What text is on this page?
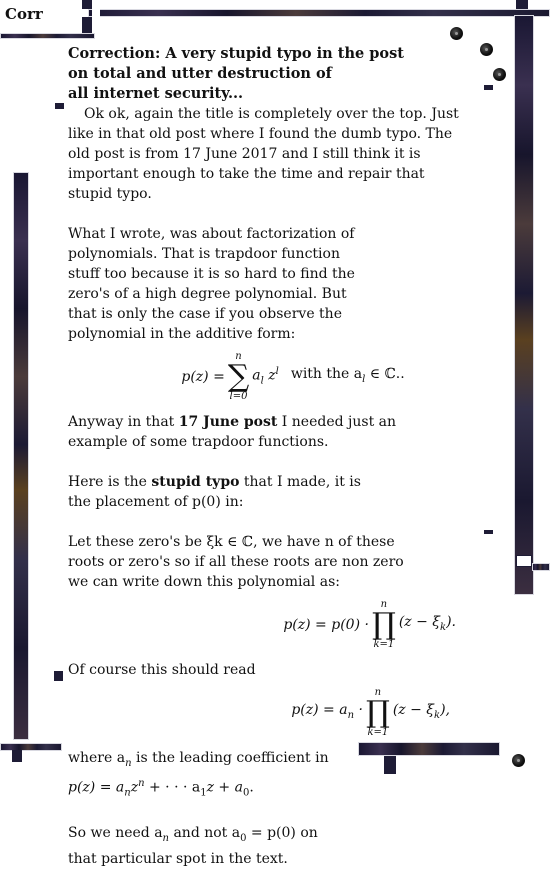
Corr
Correction: A very stupid typo in the post
on total and utter destruction of
all internet security...

Ok ok, again the title is completely over the top. Just like in that old post where I found the dumb typo. The old post is from 17 June 2017 and I still think it is important enough to take the time and repair that stupid typo.

What I wrote, was about factorization of polynomials. That is trapdoor function stuff too because it is so hard to find the zero's of a high degree polynomial. But that is only the case if you observe the polynomial in the additive form:

p(z) =
n
∑
l=0
$a_l$ $z^l$ with the $a_l$ ∈ ℂ..

Anyway in that 17 June post I needed just an example of some trapdoor functions.

Here is the stupid typo that I made, it is the placement of p(0) in:

Let these zero's be ξk ∈ ℂ, we have n of these roots or zero's so if all these roots are non zero we can write down this polynomial as:

p(z) = p(0) ·
n
∏
k=1
$(z - \xi_k)$.

Of course this should read

$p(z) = a_n$ ·
n
∏
k=1
$(z - \xi_k)$,

where $a_n$ is the leading coefficient in
$p(z) = a_nz^n$ + · · · $a_1z + a_0$.

So we need $a_n$ and not $a_0 = p(0)$ on that particular spot in the text.
